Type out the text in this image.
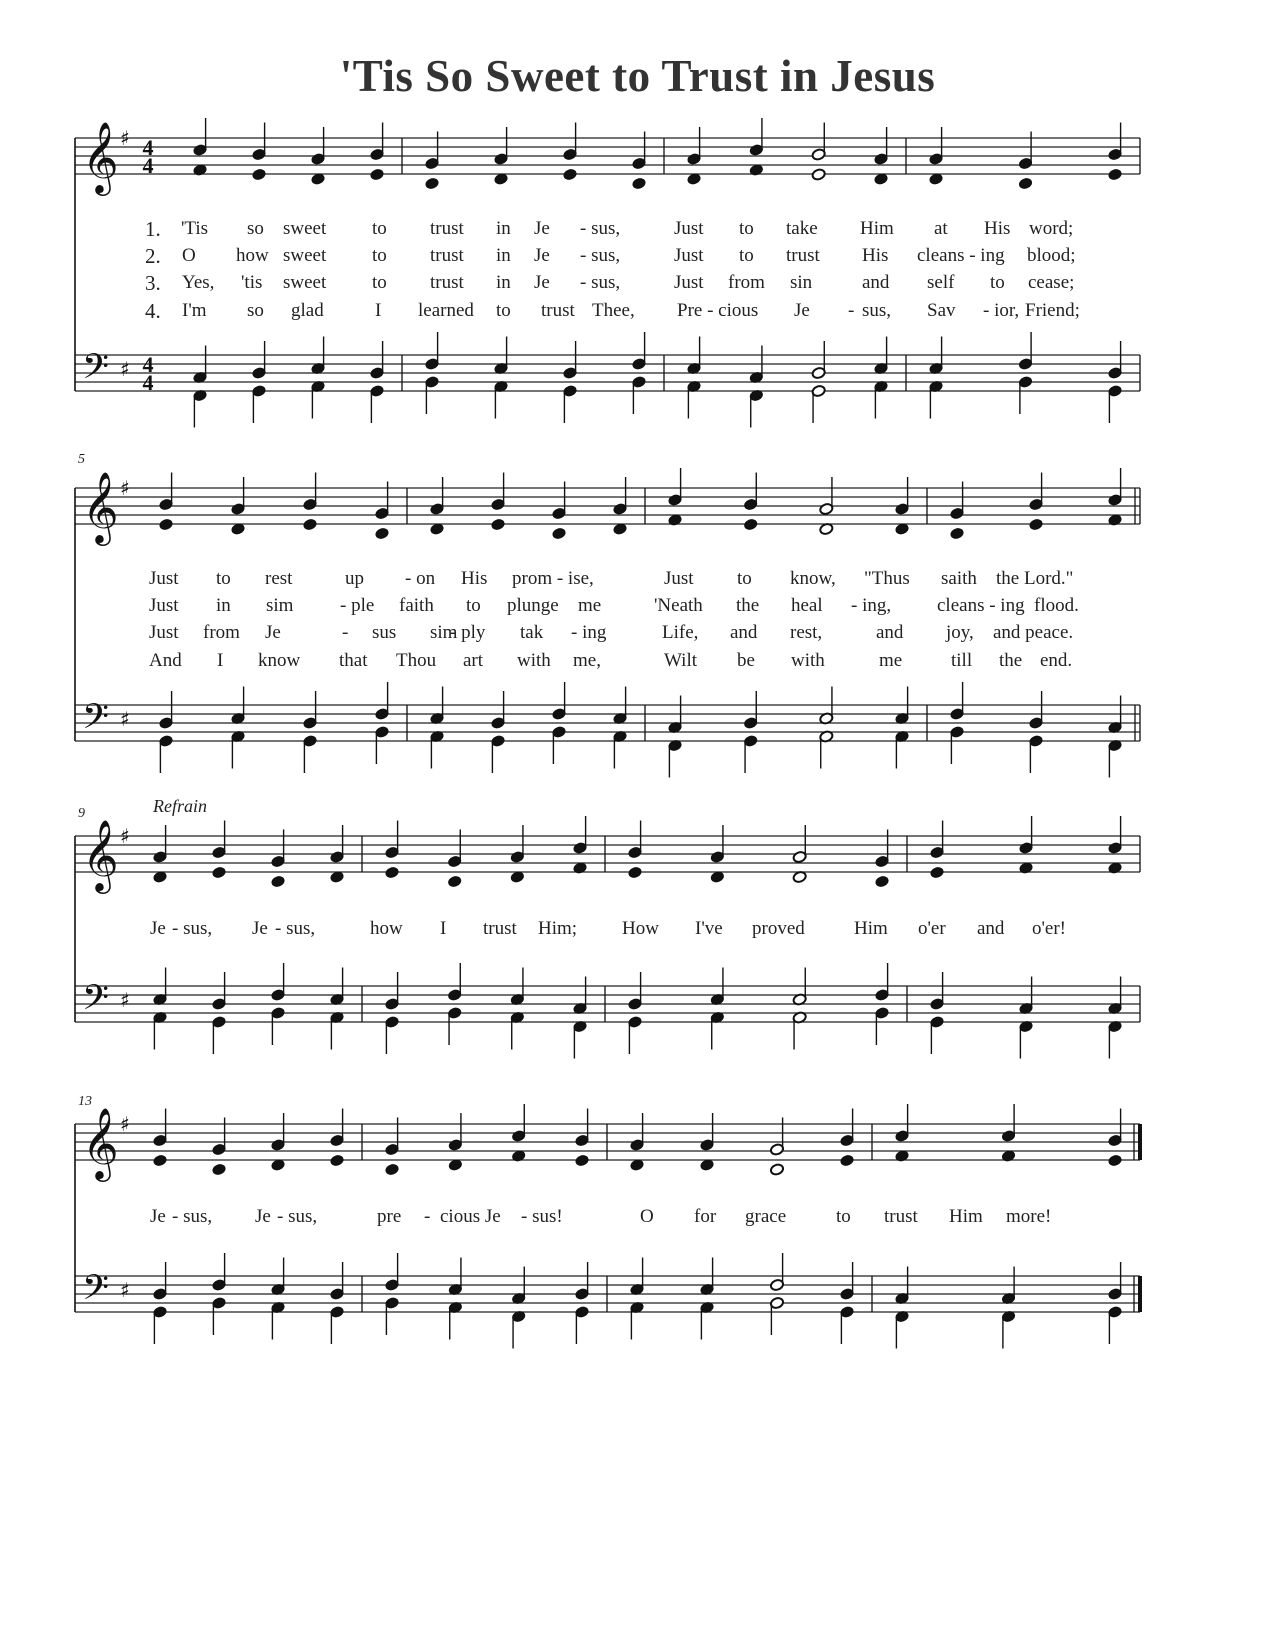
'Tis So Sweet to Trust in Jesus
𝄞
𝄢
♯
♯
4
4
4
4
1. 'Tis so sweet to trust in Je - sus,	Just to take Him at His word;
2. O how sweet to trust in Je - sus,	Just to trust His cleans - ing blood;
3. Yes, 'tis sweet to trust in Je - sus,	Just from sin	and self to cease;
4. I'm so glad	I learned to trust Thee, Pre - cious Je - sus, Sav - ior, Friend;
𝄞
𝄢
♯
♯
Just to rest	up - on His prom - ise,	Just to know, "Thus saith the Lord."
Just in sim - ple faith to plunge me	'Neath the heal - ing, cleans - ing flood.
Just from Je	- sus sim
- ply tak - ing	Life, and rest,	and joy, and peace.
And I know that Thou art with me,	Wilt be with	me	till the end.
5
𝄞
𝄢
♯
♯
Je - sus, Je - sus,	how I trust Him; How I've proved	Him o'er and o'er!
9	Refrain
𝄞
𝄢
♯
♯
Je - sus, Je - sus,	pre - cious Je - sus!	O for grace	to trust Him more!
13
